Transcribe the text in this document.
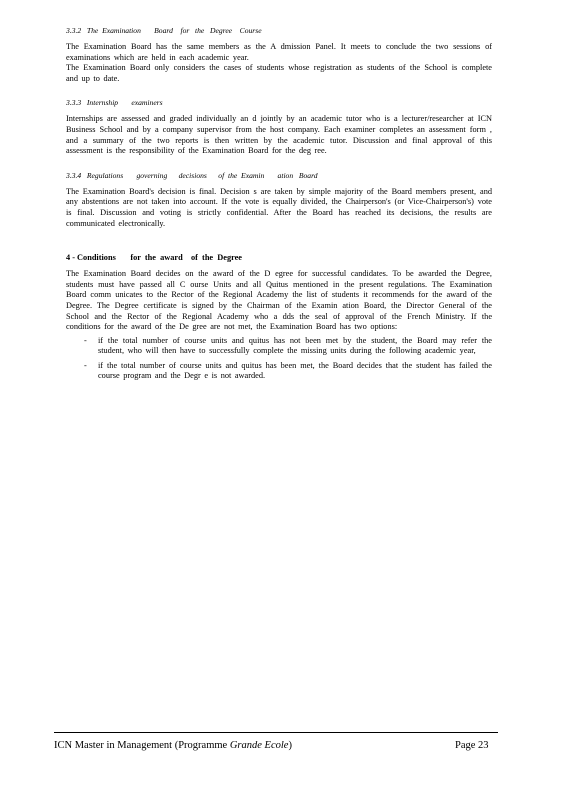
3.3.2   The  Examination       Board    for   the   Degree    Course

The Examination Board has the same members as the A dmission Panel. It meets to conclude the two sessions of examinations which are held in each academic year.

The Examination Board only considers the cases of students whose registration as students of the School is complete and up to date.

3.3.3   Internship       examiners

Internships are assessed and graded individually an d jointly by an academic tutor who is a lecturer/researcher at ICN Business School and by a company supervisor from the host company. Each examiner completes an assessment form , and a summary of the two reports is then written by the academic tutor. Discussion and final approval of this assessment is the responsibility of the Examination Board for the deg ree.

3.3.4   Regulations       governing      decisions      of  the  Examin       ation   Board

The Examination Board's decision is final. Decision s are taken by simple majority of the Board members present, and any abstentions are not taken into account. If the vote is equally divided, the Chairperson's (or Vice-Chairperson's) vote is final. Discussion and voting is strictly confidential. After the Board has reached its decisions, the results are communicated electronically.

4 - Conditions       for  the  award    of  the  Degree

The Examination Board decides on the award of the D egree for successful candidates. To be awarded the Degree, students must have passed all C ourse Units and all Quitus mentioned in the present regulations. The Examination Board comm unicates to the Rector of the Regional Academy the list of students it recommends for the award of the Degree. The Degree certificate is signed by the Chairman of the Examin ation Board, the Director General of the School and the Rector of the Regional Academy who a dds the seal of approval of the French Ministry. If the conditions for the award of the De gree are not met, the Examination Board has two options:

- if the total number of course units and quitus has not been met by the student, the Board may refer the student, who will then have to successfully complete the missing units during the following academic year,
- if the total number of course units and quitus has been met, the Board decides that the student has failed the course program and the Degr e is not awarded.
ICN Master in Management (Programme Grande Ecole)	Page 23
